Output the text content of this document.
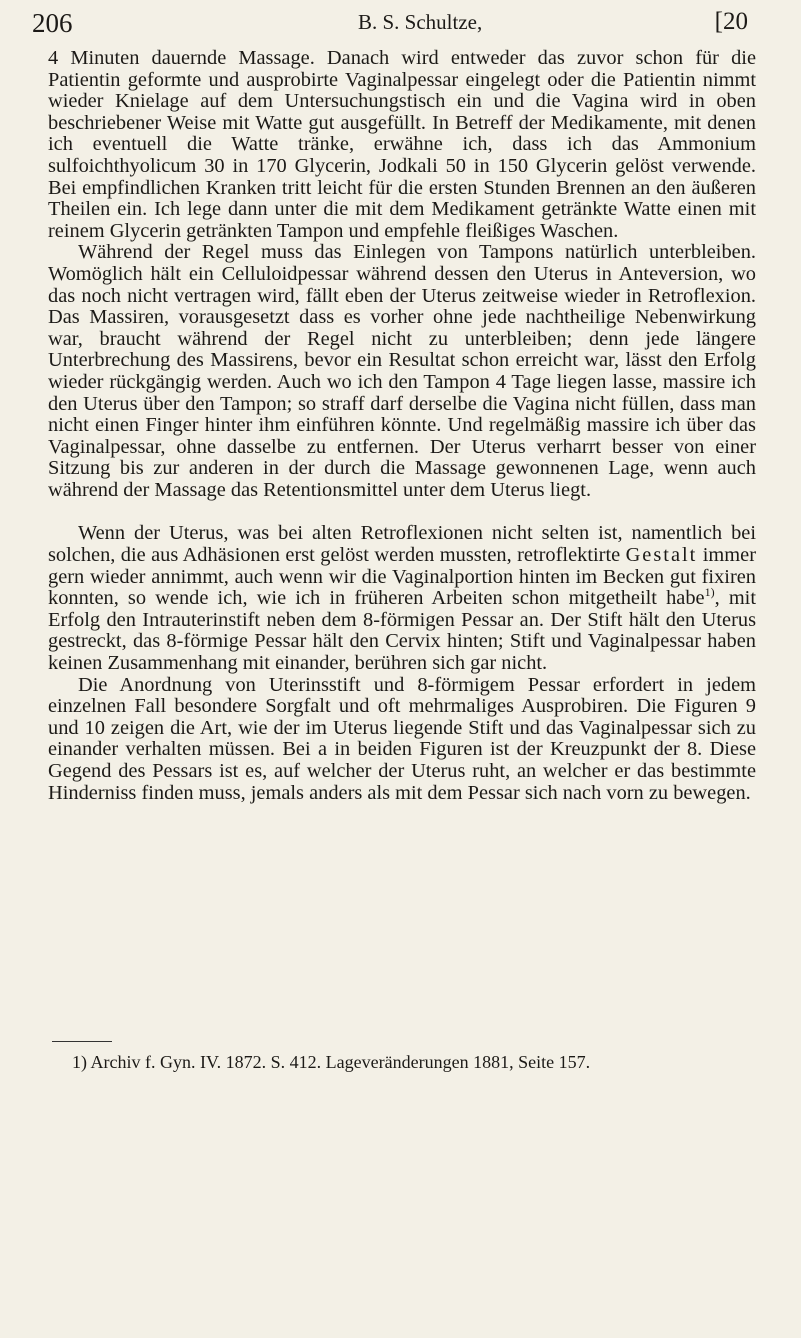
206	B. S. Schultze,	[20

4 Minuten dauernde Massage. Danach wird entweder das zuvor schon für die Patientin geformte und ausprobirte Vaginalpessar eingelegt oder die Patientin nimmt wieder Knielage auf dem Untersuchungstisch ein und die Vagina wird in oben beschriebener Weise mit Watte gut ausgefüllt. In Betreff der Medikamente, mit denen ich eventuell die Watte tränke, erwähne ich, dass ich das Ammonium sulfoichthyolicum 30 in 170 Glycerin, Jodkali 50 in 150 Glycerin gelöst verwende. Bei empfindlichen Kranken tritt leicht für die ersten Stunden Brennen an den äußeren Theilen ein. Ich lege dann unter die mit dem Medikament getränkte Watte einen mit reinem Glycerin getränkten Tampon und empfehle fleißiges Waschen.

Während der Regel muss das Einlegen von Tampons natürlich unterbleiben. Womöglich hält ein Celluloidpessar während dessen den Uterus in Anteversion, wo das noch nicht vertragen wird, fällt eben der Uterus zeitweise wieder in Retroflexion. Das Massiren, vorausgesetzt dass es vorher ohne jede nachtheilige Nebenwirkung war, braucht während der Regel nicht zu unterbleiben; denn jede längere Unterbrechung des Massirens, bevor ein Resultat schon erreicht war, lässt den Erfolg wieder rückgängig werden. Auch wo ich den Tampon 4 Tage liegen lasse, massire ich den Uterus über den Tampon; so straff darf derselbe die Vagina nicht füllen, dass man nicht einen Finger hinter ihm einführen könnte. Und regelmäßig massire ich über das Vaginalpessar, ohne dasselbe zu entfernen. Der Uterus verharrt besser von einer Sitzung bis zur anderen in der durch die Massage gewonnenen Lage, wenn auch während der Massage das Retentionsmittel unter dem Uterus liegt.

Wenn der Uterus, was bei alten Retroflexionen nicht selten ist, namentlich bei solchen, die aus Adhäsionen erst gelöst werden mussten, retroflektirte Gestalt immer gern wieder annimmt, auch wenn wir die Vaginalportion hinten im Becken gut fixiren konnten, so wende ich, wie ich in früheren Arbeiten schon mitgetheilt habe$^{1)}$, mit Erfolg den Intrauterinstift neben dem 8-förmigen Pessar an. Der Stift hält den Uterus gestreckt, das 8-förmige Pessar hält den Cervix hinten; Stift und Vaginalpessar haben keinen Zusammenhang mit einander, berühren sich gar nicht.

Die Anordnung von Uterinsstift und 8-förmigem Pessar erfordert in jedem einzelnen Fall besondere Sorgfalt und oft mehrmaliges Ausprobiren. Die Figuren 9 und 10 zeigen die Art, wie der im Uterus liegende Stift und das Vaginalpessar sich zu einander verhalten müssen. Bei a in beiden Figuren ist der Kreuzpunkt der 8. Diese Gegend des Pessars ist es, auf welcher der Uterus ruht, an welcher er das bestimmte Hinderniss finden muss, jemals anders als mit dem Pessar sich nach vorn zu bewegen.

1) Archiv f. Gyn. IV. 1872. S. 412. Lageveränderungen 1881, Seite 157.
